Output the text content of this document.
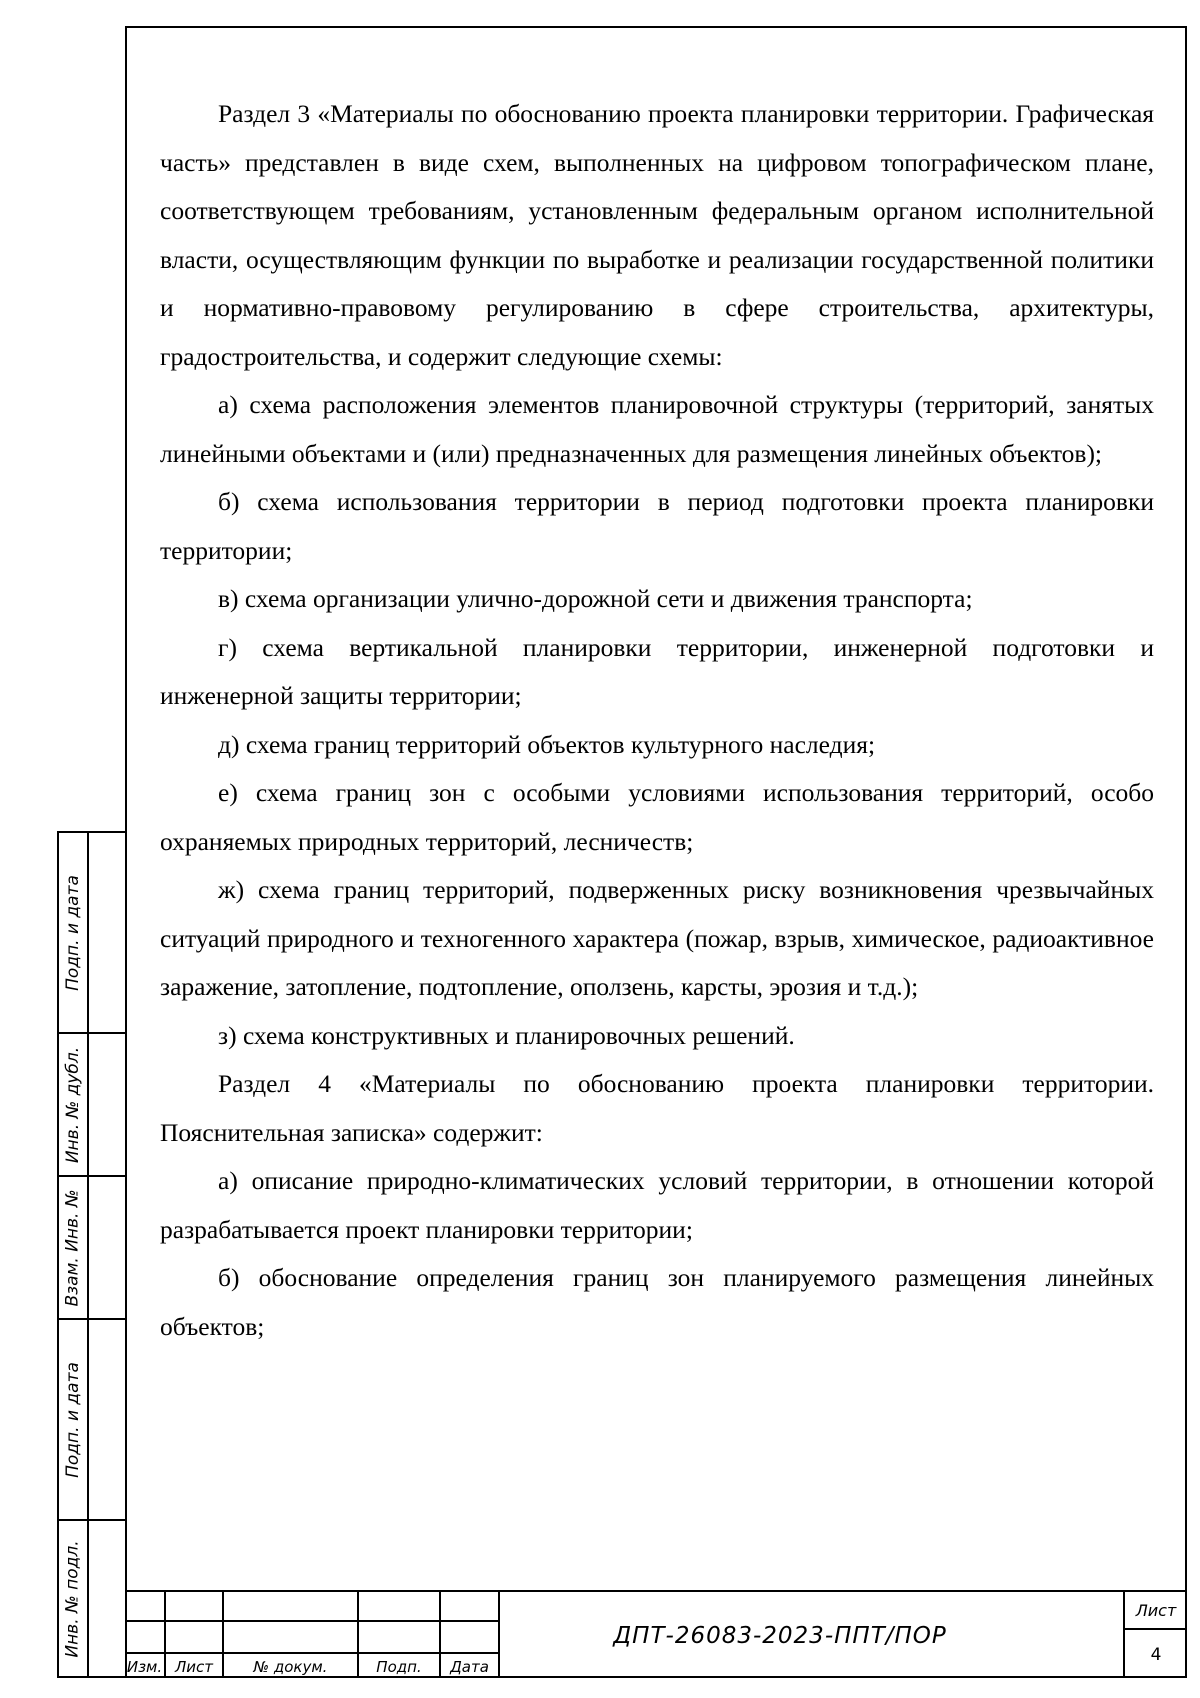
Раздел 3 «Материалы по обоснованию проекта планировки территории. Графическая часть» представлен в виде схем, выполненных на цифровом топографическом плане, соответствующем требованиям, установленным федеральным органом исполнительной власти, осуществляющим функции по выработке и реализации государственной политики и нормативно-правовому регулированию в сфере строительства, архитектуры, градостроительства, и содержит следующие схемы:

а) схема расположения элементов планировочной структуры (территорий, занятых линейными объектами и (или) предназначенных для размещения линейных объектов);

б) схема использования территории в период подготовки проекта планировки территории;

в) схема организации улично-дорожной сети и движения транспорта;

г) схема вертикальной планировки территории, инженерной подготовки и инженерной защиты территории;

д) схема границ территорий объектов культурного наследия;

е) схема границ зон с особыми условиями использования территорий, особо охраняемых природных территорий, лесничеств;

ж) схема границ территорий, подверженных риску возникновения чрезвычайных ситуаций природного и техногенного характера (пожар, взрыв, химическое, радиоактивное заражение, затопление, подтопление, оползень, карсты, эрозия и т.д.);

з) схема конструктивных и планировочных решений.

Раздел 4 «Материалы по обоснованию проекта планировки территории. Пояснительная записка» содержит:

а) описание природно-климатических условий территории, в отношении которой разрабатывается проект планировки территории;

б) обоснование определения границ зон планируемого размещения линейных объектов;

Подп. и дата
Инв. № дубл.
Взам. Инв. №
Подп. и дата
Инв. № подл.
Изм. Лист	№ докум.	Подп.	Дата
ДПТ-26083-2023-ППТ/ПОР
Лист
4
